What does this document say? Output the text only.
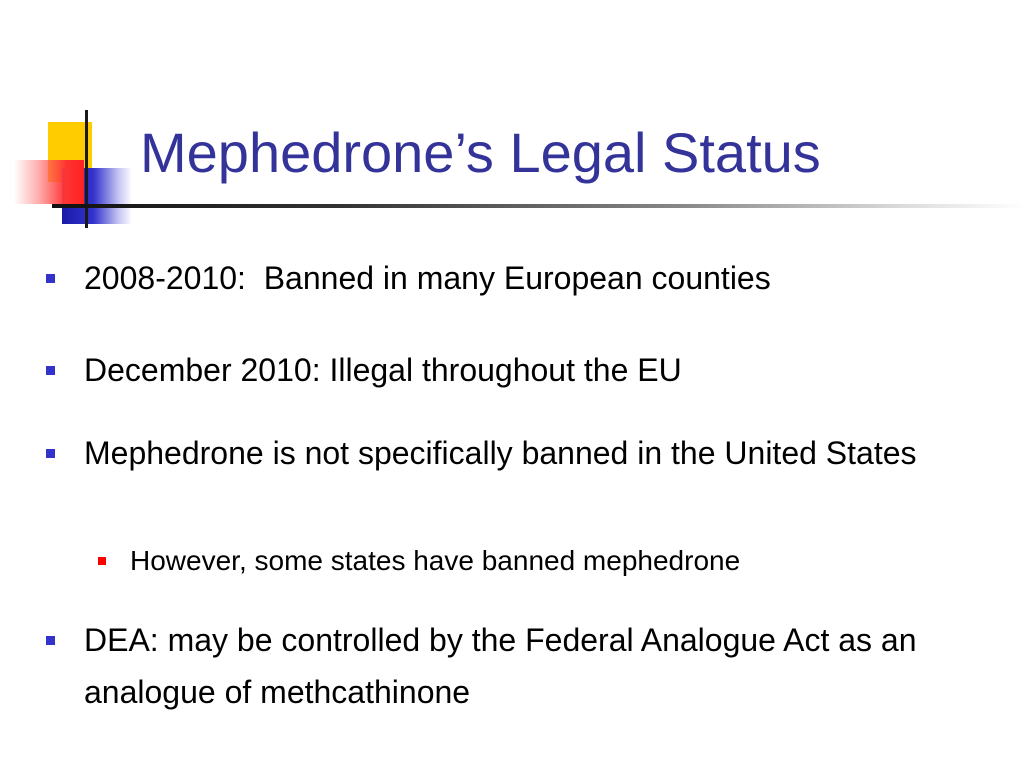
Mephedrone’s Legal Status
2008-2010:  Banned in many European counties
December 2010: Illegal throughout the EU
Mephedrone is not specifically banned in the United States
However, some states have banned mephedrone
DEA: may be controlled by the Federal Analogue Act as an analogue of methcathinone
